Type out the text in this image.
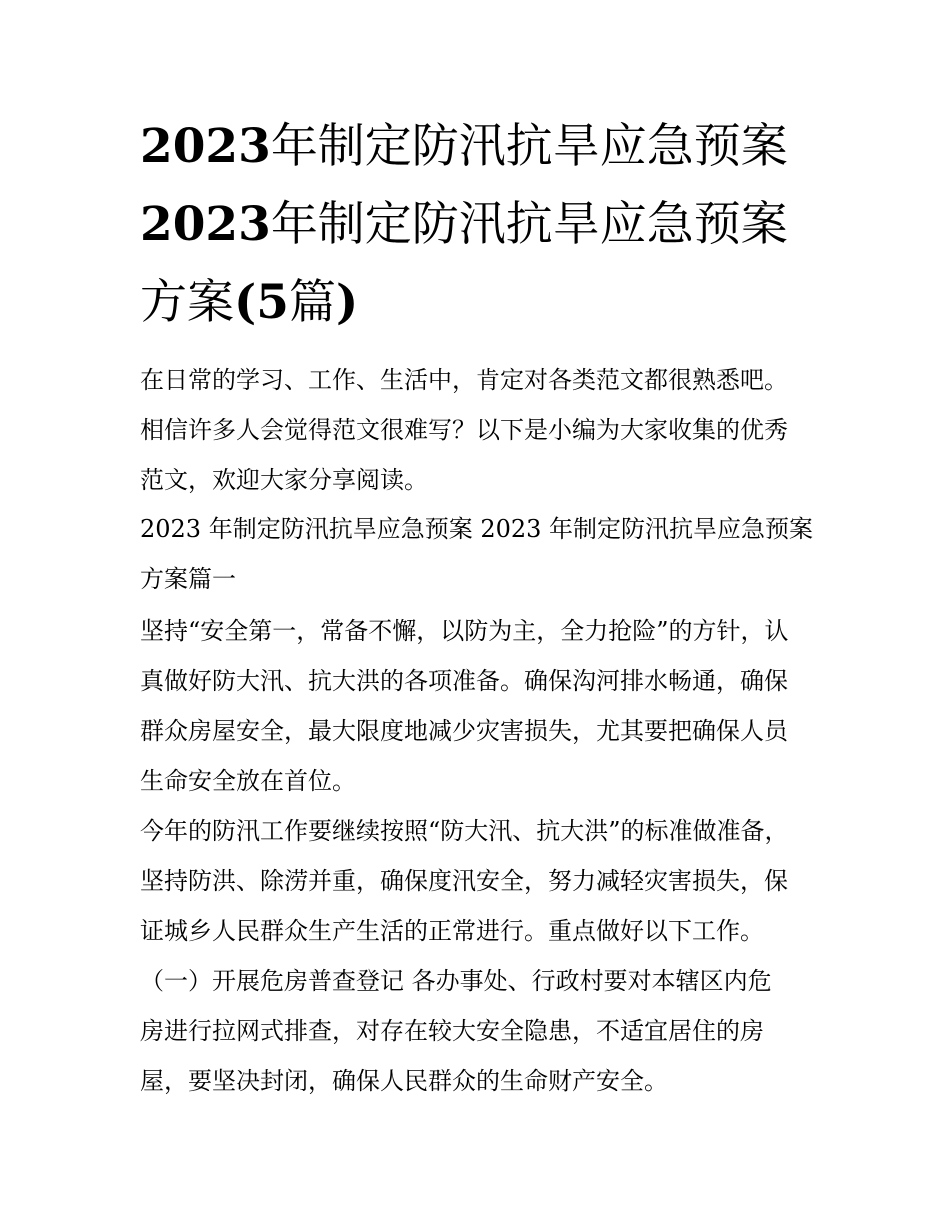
2023年制定防汛抗旱应急预案
2023年制定防汛抗旱应急预案
方案(5篇)

在日常的学习、工作、生活中，肯定对各类范文都很熟悉吧。
相信许多人会觉得范文很难写？以下是小编为大家收集的优秀
范文，欢迎大家分享阅读。

2023 年制定防汛抗旱应急预案 2023 年制定防汛抗旱应急预案
方案篇一

坚持“安全第一，常备不懈，以防为主，全力抢险”的方针，认
真做好防大汛、抗大洪的各项准备。确保沟河排水畅通，确保
群众房屋安全，最大限度地减少灾害损失，尤其要把确保人员
生命安全放在首位。

今年的防汛工作要继续按照“防大汛、抗大洪”的标准做准备，
坚持防洪、除涝并重，确保度汛安全，努力减轻灾害损失，保
证城乡人民群众生产生活的正常进行。重点做好以下工作。

（一）开展危房普查登记 各办事处、行政村要对本辖区内危
房进行拉网式排查，对存在较大安全隐患，不适宜居住的房
屋，要坚决封闭，确保人民群众的生命财产安全。
